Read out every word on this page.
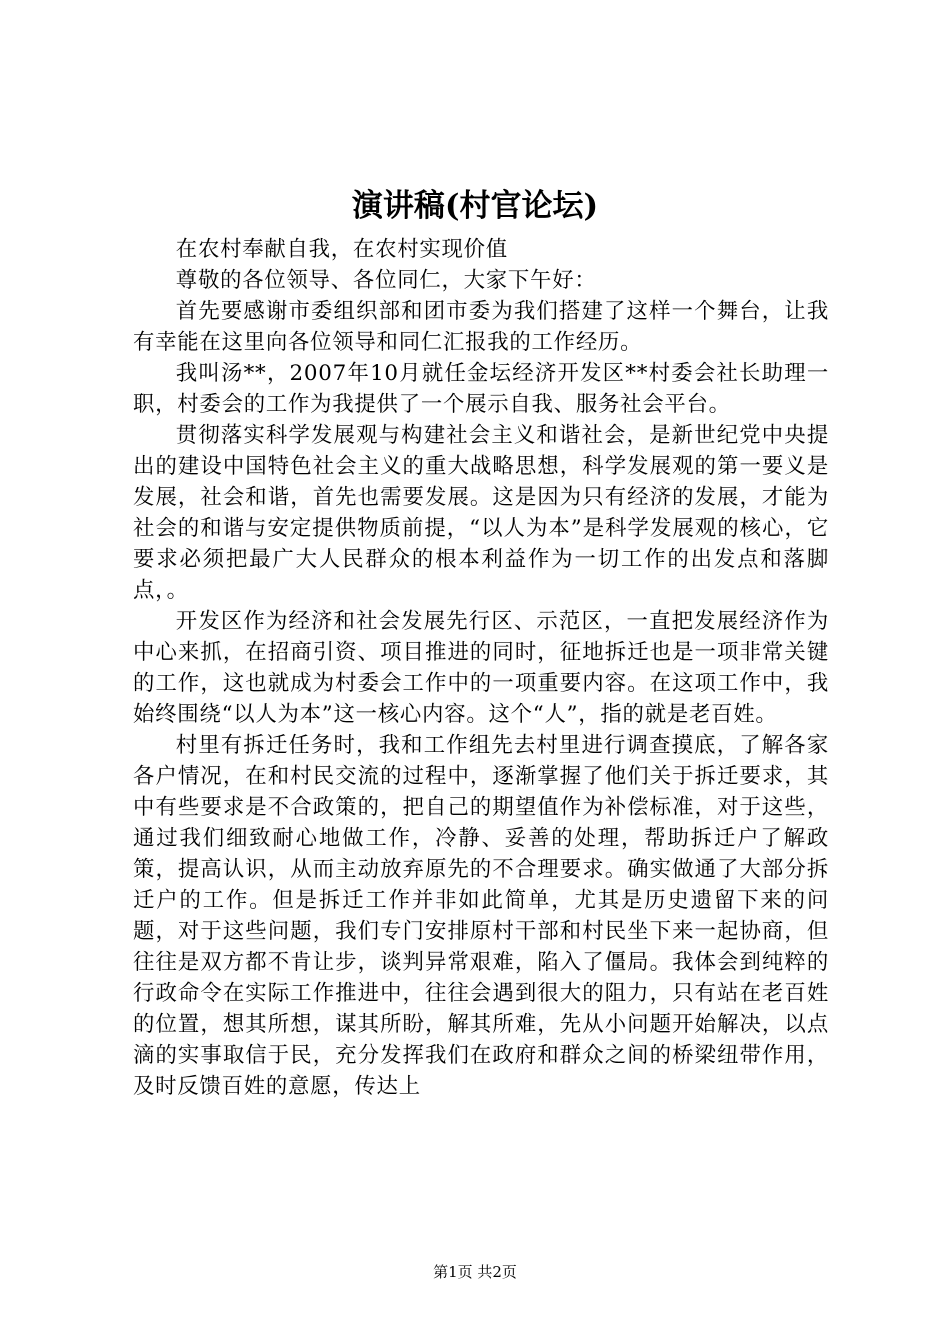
演讲稿(村官论坛)

在农村奉献自我，在农村实现价值

尊敬的各位领导、各位同仁，大家下午好：

首先要感谢市委组织部和团市委为我们搭建了这样一个舞台，让我有幸能在这里向各位领导和同仁汇报我的工作经历。

我叫汤**，2007年10月就任金坛经济开发区**村委会社长助理一职，村委会的工作为我提供了一个展示自我、服务社会平台。

贯彻落实科学发展观与构建社会主义和谐社会，是新世纪党中央提出的建设中国特色社会主义的重大战略思想，科学发展观的第一要义是发展，社会和谐，首先也需要发展。这是因为只有经济的发展，才能为社会的和谐与安定提供物质前提，“以人为本”是科学发展观的核心，它要求必须把最广大人民群众的根本利益作为一切工作的出发点和落脚点，。

开发区作为经济和社会发展先行区、示范区，一直把发展经济作为中心来抓，在招商引资、项目推进的同时，征地拆迁也是一项非常关键的工作，这也就成为村委会工作中的一项重要内容。在这项工作中，我始终围绕“以人为本”这一核心内容。这个“人”，指的就是老百姓。

村里有拆迁任务时，我和工作组先去村里进行调查摸底，了解各家各户情况，在和村民交流的过程中，逐渐掌握了他们关于拆迁要求，其中有些要求是不合政策的，把自己的期望值作为补偿标准，对于这些，通过我们细致耐心地做工作，冷静、妥善的处理，帮助拆迁户了解政策，提高认识，从而主动放弃原先的不合理要求。确实做通了大部分拆迁户的工作。但是拆迁工作并非如此简单，尤其是历史遗留下来的问题，对于这些问题，我们专门安排原村干部和村民坐下来一起协商，但往往是双方都不肯让步，谈判异常艰难，陷入了僵局。我体会到纯粹的行政命令在实际工作推进中，往往会遇到很大的阻力，只有站在老百姓的位置，想其所想，谋其所盼，解其所难，先从小问题开始解决，以点滴的实事取信于民，充分发挥我们在政府和群众之间的桥梁纽带作用，及时反馈百姓的意愿，传达上

第1页 共2页
